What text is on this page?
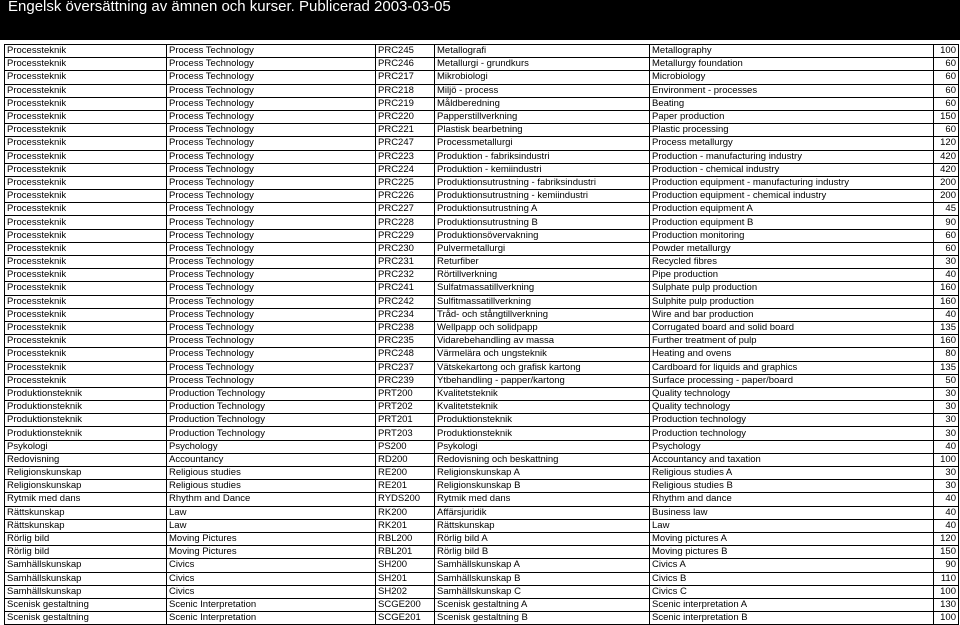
Engelsk översättning av ämnen och kurser. Publicerad 2003-03-05
Processteknik	Process Technology	PRC245	Metallografi	Metallography	100
Processteknik	Process Technology	PRC246	Metallurgi - grundkurs	Metallurgy foundation	60
Processteknik	Process Technology	PRC217	Mikrobiologi	Microbiology	60
Processteknik	Process Technology	PRC218	Miljö - process	Environment - processes	60
Processteknik	Process Technology	PRC219	Måldberedning	Beating	60
Processteknik	Process Technology	PRC220	Papperstillverkning	Paper production	150
Processteknik	Process Technology	PRC221	Plastisk bearbetning	Plastic processing	60
Processteknik	Process Technology	PRC247	Processmetallurgi	Process metallurgy	120
Processteknik	Process Technology	PRC223	Produktion - fabriksindustri	Production - manufacturing industry	420
Processteknik	Process Technology	PRC224	Produktion - kemiindustri	Production - chemical industry	420
Processteknik	Process Technology	PRC225	Produktionsutrustning - fabriksindustri	Production equipment - manufacturing industry	200
Processteknik	Process Technology	PRC226	Produktionsutrustning - kemiindustri	Production equipment - chemical industry	200
Processteknik	Process Technology	PRC227	Produktionsutrustning A	Production equipment A	45
Processteknik	Process Technology	PRC228	Produktionsutrustning B	Production equipment B	90
Processteknik	Process Technology	PRC229	Produktionsövervakning	Production monitoring	60
Processteknik	Process Technology	PRC230	Pulvermetallurgi	Powder metallurgy	60
Processteknik	Process Technology	PRC231	Returfiber	Recycled fibres	30
Processteknik	Process Technology	PRC232	Rörtillverkning	Pipe production	40
Processteknik	Process Technology	PRC241	Sulfatmassatillverkning	Sulphate pulp production	160
Processteknik	Process Technology	PRC242	Sulfitmassatillverkning	Sulphite pulp production	160
Processteknik	Process Technology	PRC234	Tråd- och stångtillverkning	Wire and bar production	40
Processteknik	Process Technology	PRC238	Wellpapp och solidpapp	Corrugated board and solid board	135
Processteknik	Process Technology	PRC235	Vidarebehandling av massa	Further treatment of pulp	160
Processteknik	Process Technology	PRC248	Värmelära och ungsteknik	Heating and ovens	80
Processteknik	Process Technology	PRC237	Vätskekartong och grafisk kartong	Cardboard for liquids and graphics	135
Processteknik	Process Technology	PRC239	Ytbehandling - papper/kartong	Surface processing - paper/board	50
Produktionsteknik	Production Technology	PRT200	Kvalitetsteknik	Quality technology	30
Produktionsteknik	Production Technology	PRT202	Kvalitetsteknik	Quality technology	30
Produktionsteknik	Production Technology	PRT201	Produktionsteknik	Production technology	30
Produktionsteknik	Production Technology	PRT203	Produktionsteknik	Production technology	30
Psykologi	Psychology	PS200	Psykologi	Psychology	40
Redovisning	Accountancy	RD200	Redovisning och beskattning	Accountancy and taxation	100
Religionskunskap	Religious studies	RE200	Religionskunskap A	Religious studies A	30
Religionskunskap	Religious studies	RE201	Religionskunskap B	Religious studies B	30
Rytmik med dans	Rhythm and Dance	RYDS200	Rytmik med dans	Rhythm and dance	40
Rättskunskap	Law	RK200	Affärsjuridik	Business law	40
Rättskunskap	Law	RK201	Rättskunskap	Law	40
Rörlig bild	Moving Pictures	RBL200	Rörlig bild A	Moving pictures A	120
Rörlig bild	Moving Pictures	RBL201	Rörlig bild B	Moving pictures B	150
Samhällskunskap	Civics	SH200	Samhällskunskap A	Civics A	90
Samhällskunskap	Civics	SH201	Samhällskunskap B	Civics B	110
Samhällskunskap	Civics	SH202	Samhällskunskap C	Civics C	100
Scenisk gestaltning	Scenic Interpretation	SCGE200	Scenisk gestaltning A	Scenic interpretation A	130
Scenisk gestaltning	Scenic Interpretation	SCGE201	Scenisk gestaltning B	Scenic interpretation B	100
